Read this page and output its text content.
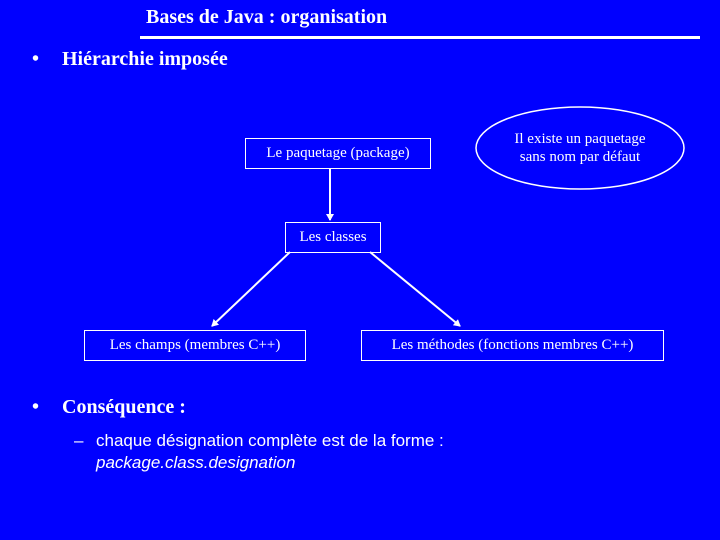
Bases de Java : organisation
• Hiérarchie imposée
Le paquetage (package)
Il existe un paquetage
sans nom par défaut
Les classes
Les champs (membres C++)	Les méthodes (fonctions membres C++)
• Conséquence :
– chaque désignation complète est de la forme :
package.class.designation
